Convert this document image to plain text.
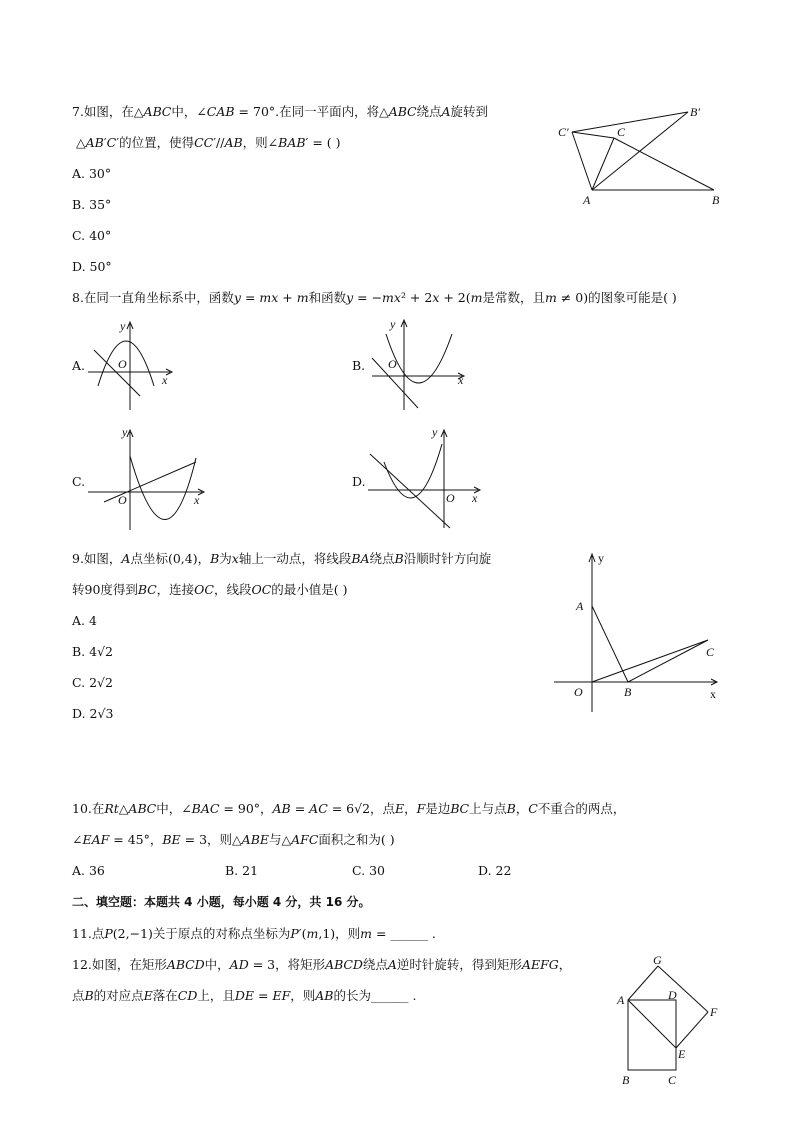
7.如图，在△𝐴𝐵𝐶中，∠𝐶𝐴𝐵 = 70°.在同一平面内，将△𝐴𝐵𝐶绕点𝐴旋转到
△𝐴𝐵′𝐶′的位置，使得𝐶𝐶′//𝐴𝐵，则∠𝐵𝐴𝐵′ = ( )
A. 30°
B. 35°
C. 40°
D. 50°
C′	C
B′
A	B
8.在同一直角坐标系中，函数𝑦 = 𝑚𝑥 + 𝑚和函数𝑦 = −𝑚𝑥² + 2𝑥 + 2(𝑚是常数，且𝑚 ≠ 0)的图象可能是( )
A.
y
O
x
B.
y
O
x
C.
y
O	x
D.
y
O x
9.如图，𝐴点坐标(0,4)，𝐵为𝑥轴上一动点，将线段𝐵𝐴绕点𝐵沿顺时针方向旋
转90度得到𝐵𝐶，连接𝑂𝐶，线段𝑂𝐶的最小值是( )
A. 4
B. 4√2
C. 2√2
D. 2√3
y
A
C
O	B	x
10.在𝑅𝑡△𝐴𝐵𝐶中，∠𝐵𝐴𝐶 = 90°，𝐴𝐵 = 𝐴𝐶 = 6√2，点𝐸，𝐹是边𝐵𝐶上与点𝐵，𝐶不重合的两点，
∠𝐸𝐴𝐹 = 45°，𝐵𝐸 = 3，则△𝐴𝐵𝐸与△𝐴𝐹𝐶面积之和为( )
A. 36	B. 21	C. 30	D. 22
二、填空题：本题共 4 小题，每小题 4 分，共 16 分。
11.点𝑃(2,−1)关于原点的对称点坐标为𝑃′(𝑚,1)，则𝑚 = ______ .
12.如图，在矩形𝐴𝐵𝐶𝐷中，𝐴𝐷 = 3，将矩形𝐴𝐵𝐶𝐷绕点𝐴逆时针旋转，得到矩形𝐴𝐸𝐹𝐺，
点𝐵的对应点𝐸落在𝐶𝐷上，且𝐷𝐸 = 𝐸𝐹，则𝐴𝐵的长为______ .
G
A	D
F
E
B	C
